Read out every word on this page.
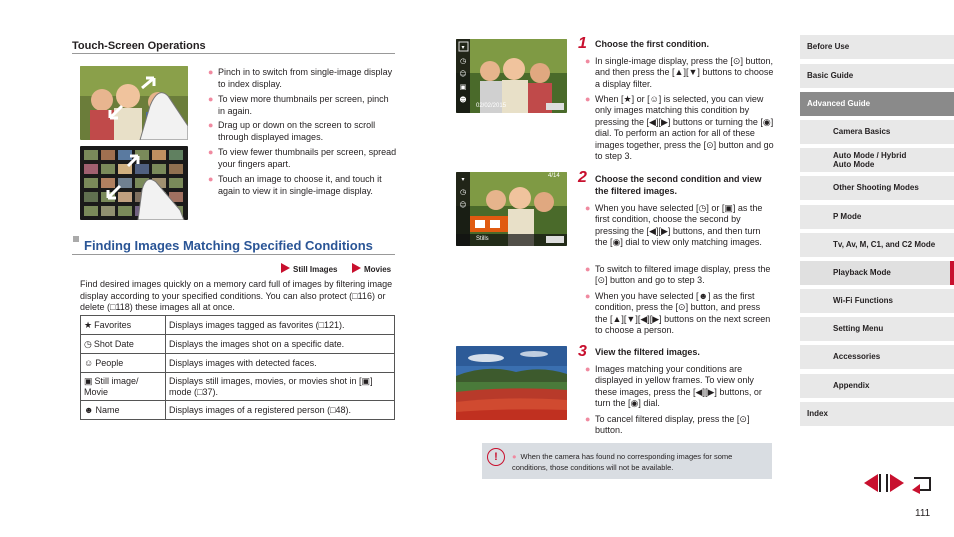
Touch-Screen Operations
● Pinch in to switch from single-image display to index display.
● To view more thumbnails per screen, pinch in again.
● Drag up or down on the screen to scroll through displayed images.
● To view fewer thumbnails per screen, spread your fingers apart.
● Touch an image to choose it, and touch it again to view it in single-image display.
Finding Images Matching Specified Conditions
Still Images	Movies
Find desired images quickly on a memory card full of images by filtering image display according to your specified conditions. You can also protect (□116) or delete (□118) these images all at once.
★ Favorites	Displays images tagged as favorites (□121).
◷ Shot Date	Displays the images shot on a specific date.
☺ People	Displays images with detected faces.
▣ Still image/ Movie	Displays still images, movies, or movies shot in [▣] mode (□37).
☻ Name	Displays images of a registered person (□48).
▾
◷
☺
▣
☻
02/02/2015
▾
◷
☺
4/14
Stills
1 Choose the first condition.
● In single-image display, press the [⊙] button, and then press the [▲][▼] buttons to choose a display filter.
● When [★] or [☺] is selected, you can view only images matching this condition by pressing the [◀][▶] buttons or turning the [◉] dial. To perform an action for all of these images together, press the [⊙] button and go to step 3.
2 Choose the second condition and view the filtered images.
● When you have selected [◷] or [▣] as the first condition, choose the second by pressing the [◀][▶] buttons, and then turn the [◉] dial to view only matching images.
● To switch to filtered image display, press the [⊙] button and go to step 3.
● When you have selected [☻] as the first condition, press the [⊙] button, and press the [▲][▼][◀][▶] buttons on the next screen to choose a person.
3 View the filtered images.
● Images matching your conditions are displayed in yellow frames. To view only these images, press the [◀][▶] buttons, or turn the [◉] dial.
● To cancel filtered display, press the [⊙] button.
!	● When the camera has found no corresponding images for some conditions, those conditions will not be available.
Before Use
Basic Guide
Advanced Guide
Camera Basics
Auto Mode / Hybrid Auto Mode
Other Shooting Modes
P Mode
Tv, Av, M, C1, and C2 Mode
Playback Mode
Wi-Fi Functions
Setting Menu
Accessories
Appendix
Index
111
